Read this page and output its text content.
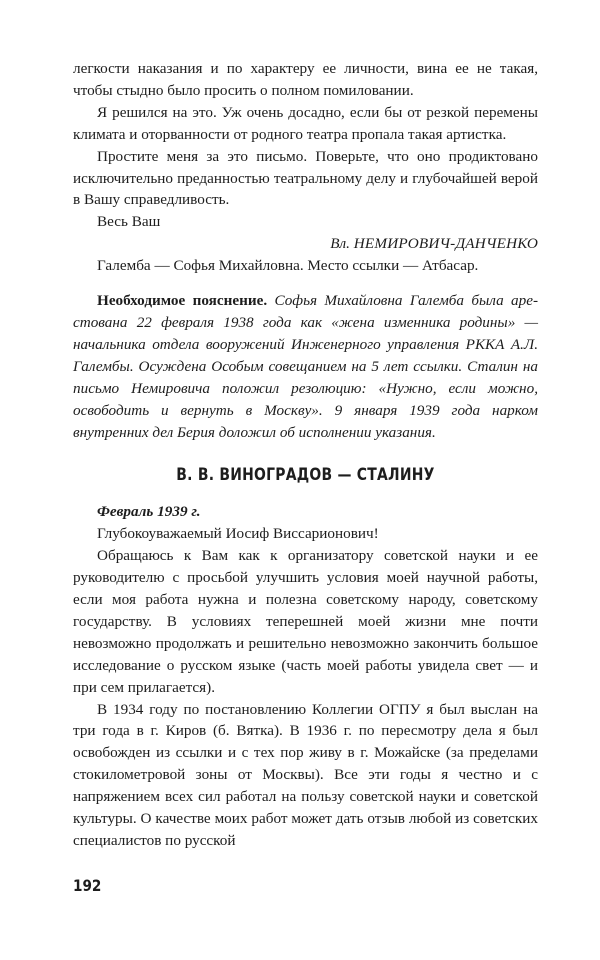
легкости наказания и по характеру ее личности, вина ее не такая, чтобы стыдно было просить о полном помиловании.

Я решился на это. Уж очень досадно, если бы от резкой перемены климата и оторванности от родного театра пропала такая артистка.

Простите меня за это письмо. Поверьте, что оно продиктовано исключительно преданностью театральному делу и глубочайшей верой в Вашу справедливость.

Весь Ваш

Вл. НЕМИРОВИЧ-ДАНЧЕНКО

Галемба — Софья Михайловна. Место ссылки — Атбасар.

Необходимое пояснение. Софья Михайловна Галемба была арестована 22 февраля 1938 года как «жена изменника родины» — начальника отдела вооружений Инженерного управления РККА А.Л. Галембы. Осуждена Особым совещанием на 5 лет ссылки. Сталин на письмо Немировича положил резолюцию: «Нужно, если можно, освободить и вернуть в Москву». 9 января 1939 года нарком внутренних дел Берия доложил об исполнении указания.

В. В. ВИНОГРАДОВ — СТАЛИНУ

Февраль 1939 г.

Глубокоуважаемый Иосиф Виссарионович!

Обращаюсь к Вам как к организатору советской науки и ее руководителю с просьбой улучшить условия моей научной работы, если моя работа нужна и полезна советскому народу, советскому государству. В условиях теперешней моей жизни мне почти невозможно продолжать и решительно невозможно закончить большое исследование о русском языке (часть моей работы увидела свет — и при сем прилагается).

В 1934 году по постановлению Коллегии ОГПУ я был выслан на три года в г. Киров (б. Вятка). В 1936 г. по пересмотру дела я был освобожден из ссылки и с тех пор живу в г. Можайске (за пределами стокилометровой зоны от Москвы). Все эти годы я честно и с напряжением всех сил работал на пользу советской науки и советской культуры. О качестве моих работ может дать отзыв любой из советских специалистов по русской

192
